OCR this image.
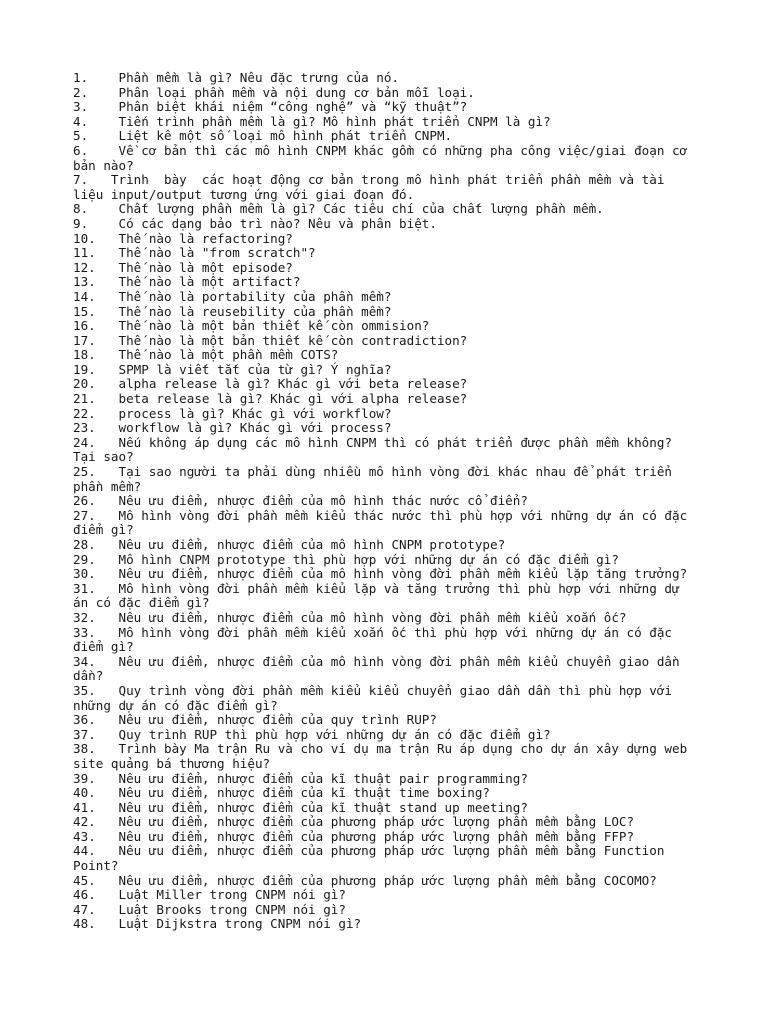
1.    Phần mềm là gì? Nêu đặc trưng của nó.
2.    Phân loại phần mềm và nội dung cơ bản mỗi loại.
3.    Phân biệt khái niệm “công nghệ” và “kỹ thuật”?
4.    Tiến trình phần mềm là gì? Mô hình phát triển CNPM là gì?
5.    Liệt kê một số loại mô hình phát triển CNPM.
6.    Về cơ bản thì các mô hình CNPM khác gồm có những pha công việc/giai đoạn cơ bản nào?
7.   Trình  bày  các hoạt động cơ bản trong mô hình phát triển phần mềm và tài liệu input/output tương ứng với giai đoạn đó.
8.    Chất lượng phần mềm là gì? Các tiêu chí của chất lượng phần mềm.
9.    Có các dạng bảo trì nào? Nêu và phân biệt.
10.   Thế nào là refactoring?
11.   Thế nào là "from scratch"?
12.   Thế nào là một episode?
13.   Thế nào là một artifact?
14.   Thế nào là portability của phần mềm?
15.   Thế nào là reusebility của phần mềm?
16.   Thế nào là một bản thiết kế còn ommision?
17.   Thế nào là một bản thiết kế còn contradiction?
18.   Thế nào là một phần mềm COTS?
19.   SPMP là viết tắt của từ gì? Ý nghĩa?
20.   alpha release là gì? Khác gì với beta release?
21.   beta release là gì? Khác gì với alpha release?
22.   process là gì? Khác gì với workflow?
23.   workflow là gì? Khác gì với process?
24.   Nếu không áp dụng các mô hình CNPM thì có phát triển được phần mềm không? Tại sao?
25.   Tại sao người ta phải dùng nhiều mô hình vòng đời khác nhau để phát triển phần mềm?
26.   Nêu ưu điểm, nhược điểm của mô hình thác nước cổ điển?
27.   Mô hình vòng đời phần mềm kiểu thác nước thì phù hợp với những dự án có đặc điểm gì?
28.   Nêu ưu điểm, nhược điểm của mô hình CNPM prototype?
29.   Mô hình CNPM prototype thì phù hợp với những dự án có đặc điểm gì?
30.   Nêu ưu điểm, nhược điểm của mô hình vòng đời phần mềm kiểu lặp tăng trưởng?
31.   Mô hình vòng đời phần mềm kiểu lặp và tăng trưởng thì phù hợp với những dự án có đặc điểm gì?
32.   Nêu ưu điểm, nhược điểm của mô hình vòng đời phần mềm kiểu xoắn ốc?
33.   Mô hình vòng đời phần mềm kiểu xoắn ốc thì phù hợp với những dự án có đặc điểm gì?
34.   Nêu ưu điểm, nhược điểm của mô hình vòng đời phần mềm kiểu chuyển giao dần dần?
35.   Quy trình vòng đời phần mềm kiểu kiểu chuyển giao dần dần thì phù hợp với những dự án có đặc điểm gì?
36.   Nêu ưu điểm, nhược điểm của quy trình RUP?
37.   Quy trình RUP thì phù hợp với những dự án có đặc điểm gì?
38.   Trình bày Ma trận Ru và cho ví dụ ma trận Ru áp dụng cho dự án xây dựng web site quảng bá thương hiệu?
39.   Nêu ưu điểm, nhược điểm của kĩ thuật pair programming?
40.   Nêu ưu điểm, nhược điểm của kĩ thuật time boxing?
41.   Nêu ưu điểm, nhược điểm của kĩ thuật stand up meeting?
42.   Nêu ưu điểm, nhược điểm của phương pháp ước lượng phần mềm bằng LOC?
43.   Nêu ưu điểm, nhược điểm của phương pháp ước lượng phần mềm bằng FFP?
44.   Nêu ưu điểm, nhược điểm của phương pháp ước lượng phần mềm bằng Function Point?
45.   Nêu ưu điểm, nhược điểm của phương pháp ước lượng phần mềm bằng COCOMO?
46.   Luật Miller trong CNPM nói gì?
47.   Luật Brooks trong CNPM nói gì?
48.   Luật Dijkstra trong CNPM nói gì?
